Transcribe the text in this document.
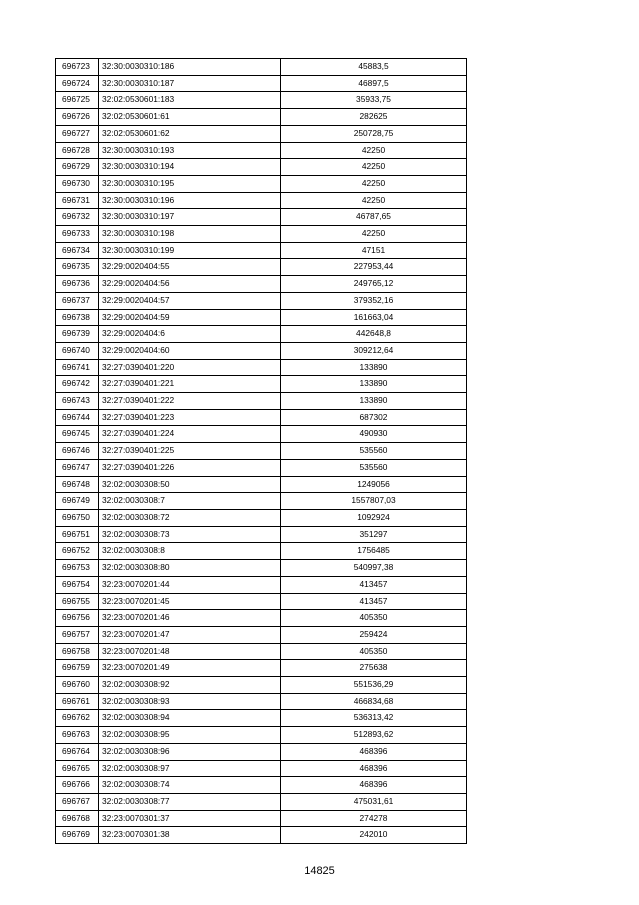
696723	32:30:0030310:186	45883,5
696724	32:30:0030310:187	46897,5
696725	32:02:0530601:183	35933,75
696726	32:02:0530601:61	282625
696727	32:02:0530601:62	250728,75
696728	32:30:0030310:193	42250
696729	32:30:0030310:194	42250
696730	32:30:0030310:195	42250
696731	32:30:0030310:196	42250
696732	32:30:0030310:197	46787,65
696733	32:30:0030310:198	42250
696734	32:30:0030310:199	47151
696735	32:29:0020404:55	227953,44
696736	32:29:0020404:56	249765,12
696737	32:29:0020404:57	379352,16
696738	32:29:0020404:59	161663,04
696739	32:29:0020404:6	442648,8
696740	32:29:0020404:60	309212,64
696741	32:27:0390401:220	133890
696742	32:27:0390401:221	133890
696743	32:27:0390401:222	133890
696744	32:27:0390401:223	687302
696745	32:27:0390401:224	490930
696746	32:27:0390401:225	535560
696747	32:27:0390401:226	535560
696748	32:02:0030308:50	1249056
696749	32:02:0030308:7	1557807,03
696750	32:02:0030308:72	1092924
696751	32:02:0030308:73	351297
696752	32:02:0030308:8	1756485
696753	32:02:0030308:80	540997,38
696754	32:23:0070201:44	413457
696755	32:23:0070201:45	413457
696756	32:23:0070201:46	405350
696757	32:23:0070201:47	259424
696758	32:23:0070201:48	405350
696759	32:23:0070201:49	275638
696760	32:02:0030308:92	551536,29
696761	32:02:0030308:93	466834,68
696762	32:02:0030308:94	536313,42
696763	32:02:0030308:95	512893,62
696764	32:02:0030308:96	468396
696765	32:02:0030308:97	468396
696766	32:02:0030308:74	468396
696767	32:02:0030308:77	475031,61
696768	32:23:0070301:37	274278
696769	32:23:0070301:38	242010
14825
